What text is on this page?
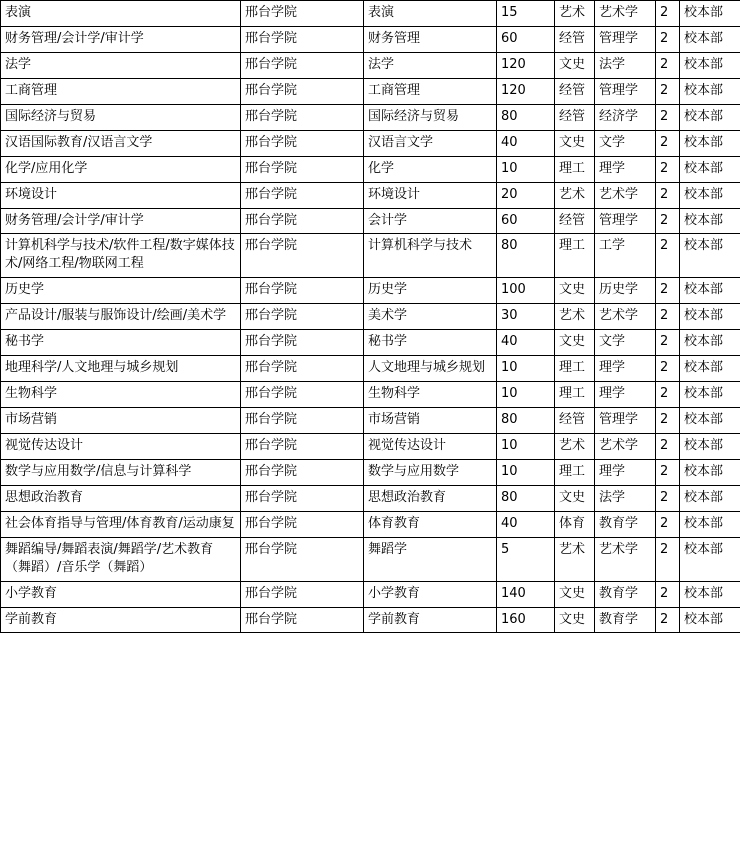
表演	邢台学院	表演	15	艺术	艺术学	2	校本部
财务管理/会计学/审计学	邢台学院	财务管理	60	经管	管理学	2	校本部
法学	邢台学院	法学	120	文史	法学	2	校本部
工商管理	邢台学院	工商管理	120	经管	管理学	2	校本部
国际经济与贸易	邢台学院	国际经济与贸易	80	经管	经济学	2	校本部
汉语国际教育/汉语言文学	邢台学院	汉语言文学	40	文史	文学	2	校本部
化学/应用化学	邢台学院	化学	10	理工	理学	2	校本部
环境设计	邢台学院	环境设计	20	艺术	艺术学	2	校本部
财务管理/会计学/审计学	邢台学院	会计学	60	经管	管理学	2	校本部
计算机科学与技术/软件工程/数字媒体技术/网络工程/物联网工程	邢台学院	计算机科学与技术	80	理工	工学	2	校本部
历史学	邢台学院	历史学	100	文史	历史学	2	校本部
产品设计/服装与服饰设计/绘画/美术学	邢台学院	美术学	30	艺术	艺术学	2	校本部
秘书学	邢台学院	秘书学	40	文史	文学	2	校本部
地理科学/人文地理与城乡规划	邢台学院	人文地理与城乡规划	10	理工	理学	2	校本部
生物科学	邢台学院	生物科学	10	理工	理学	2	校本部
市场营销	邢台学院	市场营销	80	经管	管理学	2	校本部
视觉传达设计	邢台学院	视觉传达设计	10	艺术	艺术学	2	校本部
数学与应用数学/信息与计算科学	邢台学院	数学与应用数学	10	理工	理学	2	校本部
思想政治教育	邢台学院	思想政治教育	80	文史	法学	2	校本部
社会体育指导与管理/体育教育/运动康复	邢台学院	体育教育	40	体育	教育学	2	校本部
舞蹈编导/舞蹈表演/舞蹈学/艺术教育（舞蹈）/音乐学（舞蹈）	邢台学院	舞蹈学	5	艺术	艺术学	2	校本部
小学教育	邢台学院	小学教育	140	文史	教育学	2	校本部
学前教育	邢台学院	学前教育	160	文史	教育学	2	校本部
